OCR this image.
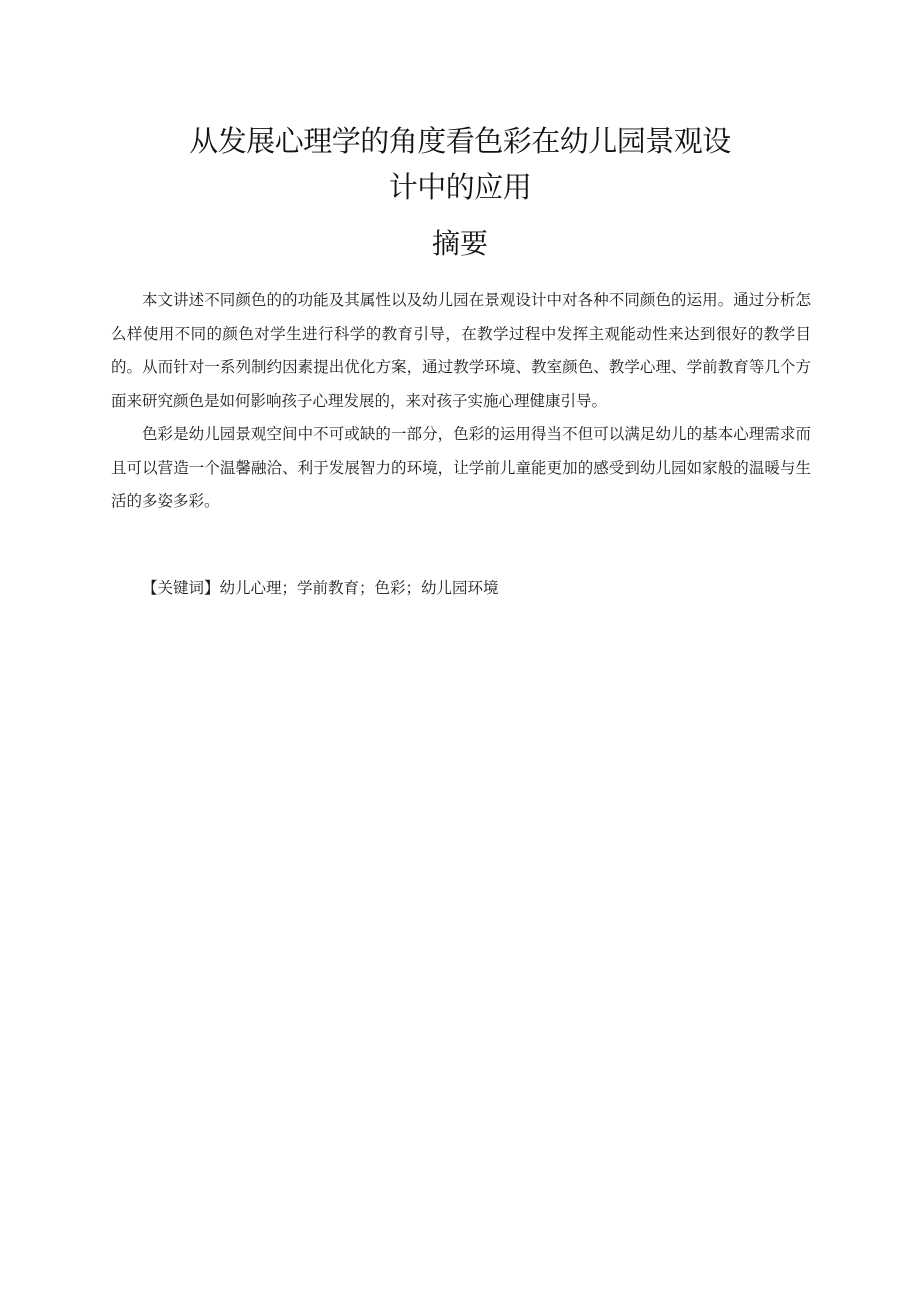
从发展心理学的角度看色彩在幼儿园景观设
计中的应用
摘要

本文讲述不同颜色的的功能及其属性以及幼儿园在景观设计中对各种不同颜色的运用。通过分析怎么样使用不同的颜色对学生进行科学的教育引导，在教学过程中发挥主观能动性来达到很好的教学目的。从而针对一系列制约因素提出优化方案，通过教学环境、教室颜色、教学心理、学前教育等几个方面来研究颜色是如何影响孩子心理发展的，来对孩子实施心理健康引导。

色彩是幼儿园景观空间中不可或缺的一部分，色彩的运用得当不但可以满足幼儿的基本心理需求而且可以营造一个温馨融洽、利于发展智力的环境，让学前儿童能更加的感受到幼儿园如家般的温暖与生活的多姿多彩。

【关键词】幼儿心理；学前教育；色彩；幼儿园环境
